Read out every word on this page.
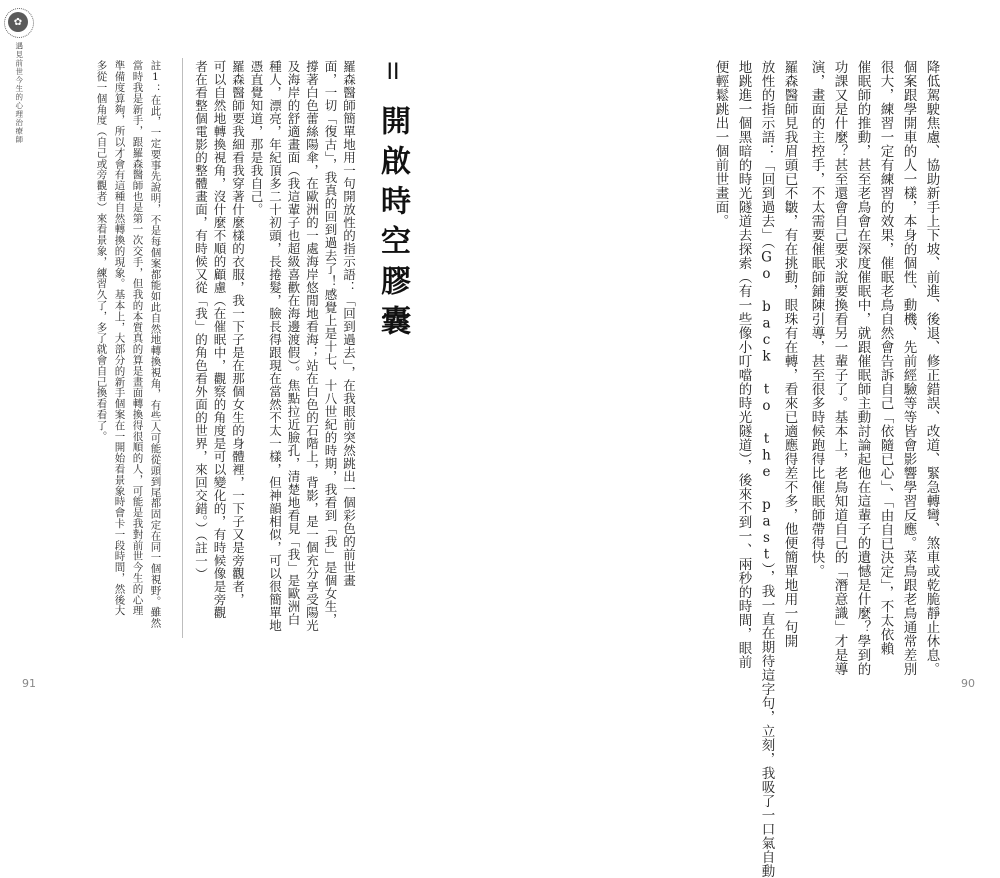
✿
遇見前世今生的心理治療師	註1：在此，一定要事先說明，不是每個案都能如此自然地轉換視角，有些人可能從頭到尾都固定在同一個視野。雖然
當時我是新手，跟羅森醫師也是第一次交手，但我的本質真的算是畫面轉換得很順的人，可能是我對前世今生的心理
準備度算夠，所以才會有這種自然轉換的現象。基本上，大部分的新手個案在一開始看景象時會卡一段時間，然後大
多從一個角度（自己或旁觀者）來看景象，練習久了，多了就會自己換看看了。	羅森醫師簡單地用一句開放性的指示語：「回到過去」，在我眼前突然跳出一個彩色的前世畫
面，一切「復古」，我真的回到過去了！感覺上是十七、十八世紀的時期，我看到「我」是個女生，
撐著白色蕾絲陽傘，在歐洲的一處海岸悠閒地看海；站在白色的石階上，背影，是一個充分享受陽光
及海岸的舒適畫面（我這輩子也超級喜歡在海邊渡假）。焦點拉近臉孔，清楚地看見「我」是歐洲白
種人，漂亮，年紀頂多二十初頭，長捲髮，臉長得跟現在當然不太一樣，但神韻相似，可以很簡單地
憑直覺知道，那是我自己。
羅森醫師要我細看我穿著什麼樣的衣服，我一下子是在那個女生的身體裡，一下子又是旁觀者，	II
開啟時空膠囊
91
可以自然地轉換視角，沒什麼不順的顧慮（在催眠中，觀察的角度是可以變化的，有時候像是旁觀
者在看整個電影的整體畫面，有時候又從「我」的角色看外面的世界，來回交錯。）（註一）	降低駕駛焦慮、協助新手上下坡、前進、後退、修正錯誤、改道、緊急轉彎、煞車或乾脆靜止休息。
個案跟學開車的人一樣，本身的個性、動機、先前經驗等等皆會影響學習反應。菜鳥跟老鳥通常差別
很大，練習一定有練習的效果，催眠老鳥自然會告訴自己「依隨已心」、「由自已決定」，不太依賴
催眠師的推動，甚至老鳥會在深度催眠中，就跟催眠師主動討論起他在這輩子的遺憾是什麼？學到的
功課又是什麼？甚至還會自己要求說要換看另一輩子了。基本上，老鳥知道自己的「潛意識」才是導
演，畫面的主控手，不太需要催眠師鋪陳引導，甚至很多時候跑得比催眠師帶得快。
羅森醫師見我眉頭已不皺，有在挑動，眼珠有在轉，看來已適應得差不多，他便簡單地用一句開
放性的指示語：「回到過去」（Go back to the past），我一直在期待這字句，立刻，我吸了一口氣自動
地跳進一個黑暗的時光隧道去探索（有一些像小叮噹的時光隧道），後來不到一、兩秒的時間，眼前
便輕鬆跳出一個前世畫面。
90
